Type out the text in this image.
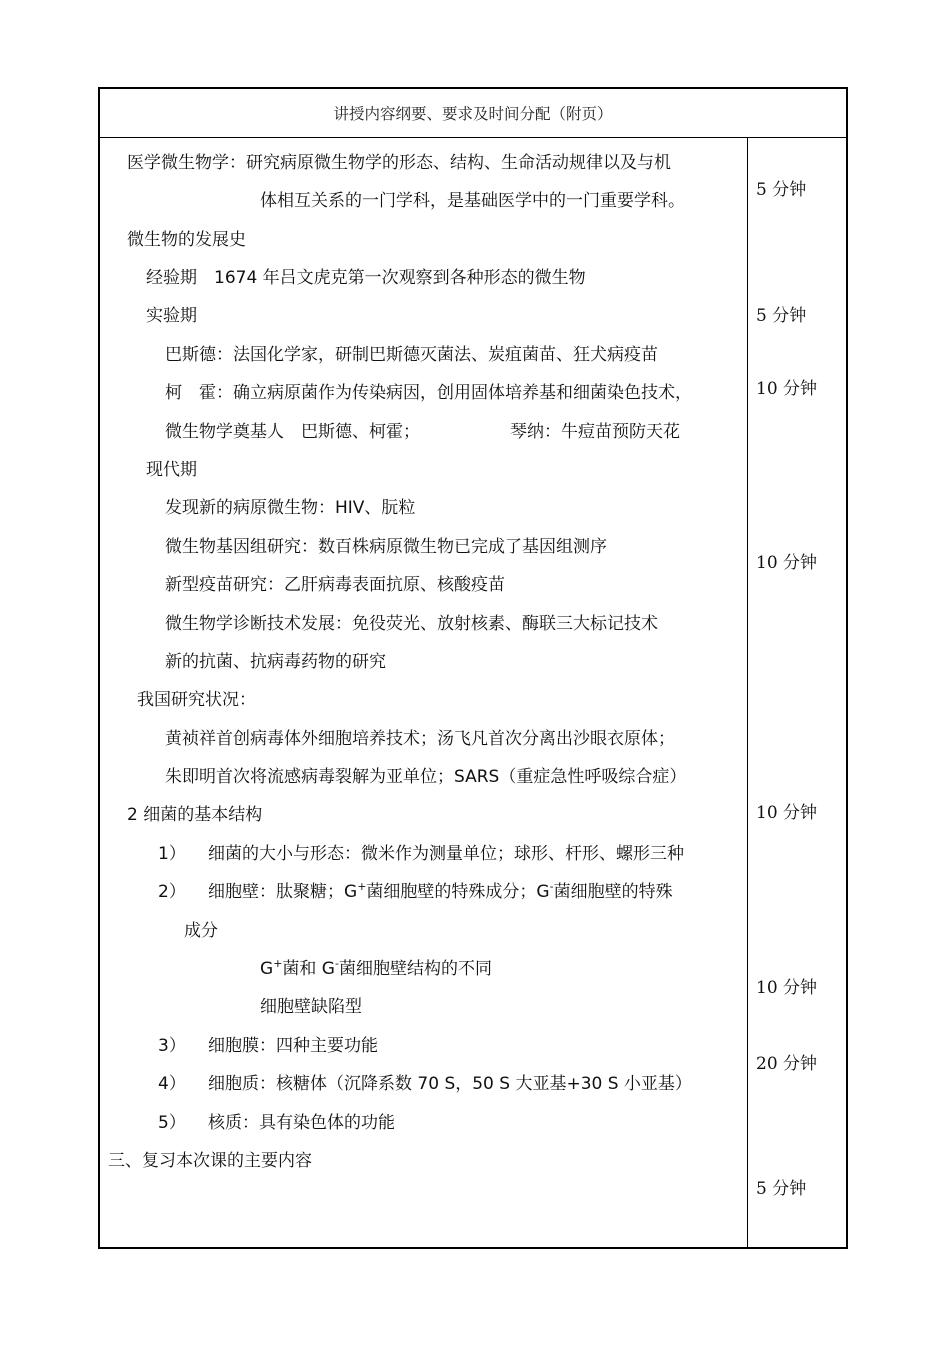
讲授内容纲要、要求及时间分配（附页）
医学微生物学：研究病原微生物学的形态、结构、生命活动规律以及与机
体相互关系的一门学科，是基础医学中的一门重要学科。
微生物的发展史
经验期　1674 年吕文虎克第一次观察到各种形态的微生物
实验期
巴斯德：法国化学家，研制巴斯德灭菌法、炭疽菌苗、狂犬病疫苗
柯　霍：确立病原菌作为传染病因，创用固体培养基和细菌染色技术，
微生物学奠基人　巴斯德、柯霍；	琴纳：牛痘苗预防天花
现代期
发现新的病原微生物：HIV、朊粒
微生物基因组研究：数百株病原微生物已完成了基因组测序
新型疫苗研究：乙肝病毒表面抗原、核酸疫苗
微生物学诊断技术发展：免役荧光、放射核素、酶联三大标记技术
新的抗菌、抗病毒药物的研究
我国研究状况：
黄祯祥首创病毒体外细胞培养技术；汤飞凡首次分离出沙眼衣原体；
朱即明首次将流感病毒裂解为亚单位；SARS（重症急性呼吸综合症）
2 细菌的基本结构
1） 细菌的大小与形态：微米作为测量单位；球形、杆形、螺形三种
2） 细胞壁：肽聚糖；G+菌细胞壁的特殊成分；G-菌细胞壁的特殊
成分
G+菌和 G-菌细胞壁结构的不同
细胞壁缺陷型
3） 细胞膜：四种主要功能
4） 细胞质：核糖体（沉降系数 70 S，50 S 大亚基+30 S 小亚基）
5） 核质：具有染色体的功能
三、复习本次课的主要内容
5 分钟
5 分钟
10 分钟
10 分钟
10 分钟
10 分钟
20 分钟
5 分钟
